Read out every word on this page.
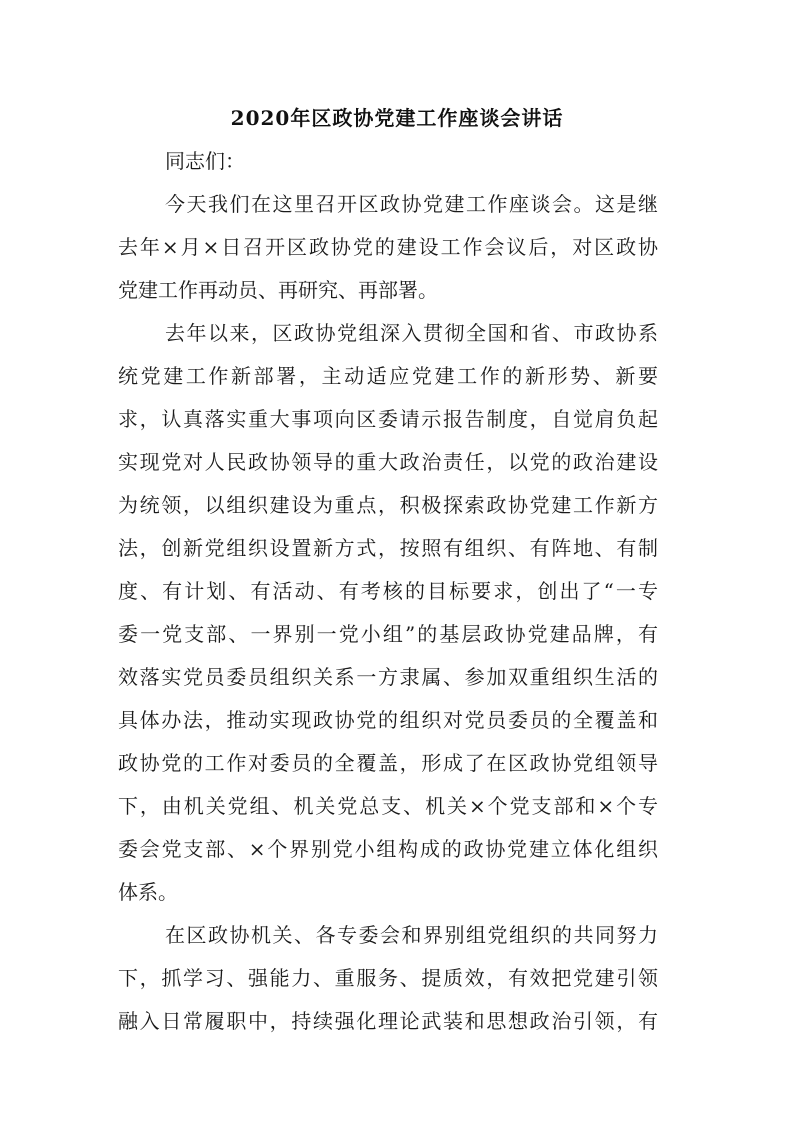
2020年区政协党建工作座谈会讲话
同志们：
今天我们在这里召开区政协党建工作座谈会。这是继
去年×月×日召开区政协党的建设工作会议后，对区政协
党建工作再动员、再研究、再部署。
去年以来，区政协党组深入贯彻全国和省、市政协系
统党建工作新部署，主动适应党建工作的新形势、新要
求，认真落实重大事项向区委请示报告制度，自觉肩负起
实现党对人民政协领导的重大政治责任，以党的政治建设
为统领，以组织建设为重点，积极探索政协党建工作新方
法，创新党组织设置新方式，按照有组织、有阵地、有制
度、有计划、有活动、有考核的目标要求，创出了“一专
委一党支部、一界别一党小组”的基层政协党建品牌，有
效落实党员委员组织关系一方隶属、参加双重组织生活的
具体办法，推动实现政协党的组织对党员委员的全覆盖和
政协党的工作对委员的全覆盖，形成了在区政协党组领导
下，由机关党组、机关党总支、机关×个党支部和×个专
委会党支部、×个界别党小组构成的政协党建立体化组织
体系。
在区政协机关、各专委会和界别组党组织的共同努力
下，抓学习、强能力、重服务、提质效，有效把党建引领
融入日常履职中，持续强化理论武装和思想政治引领，有
